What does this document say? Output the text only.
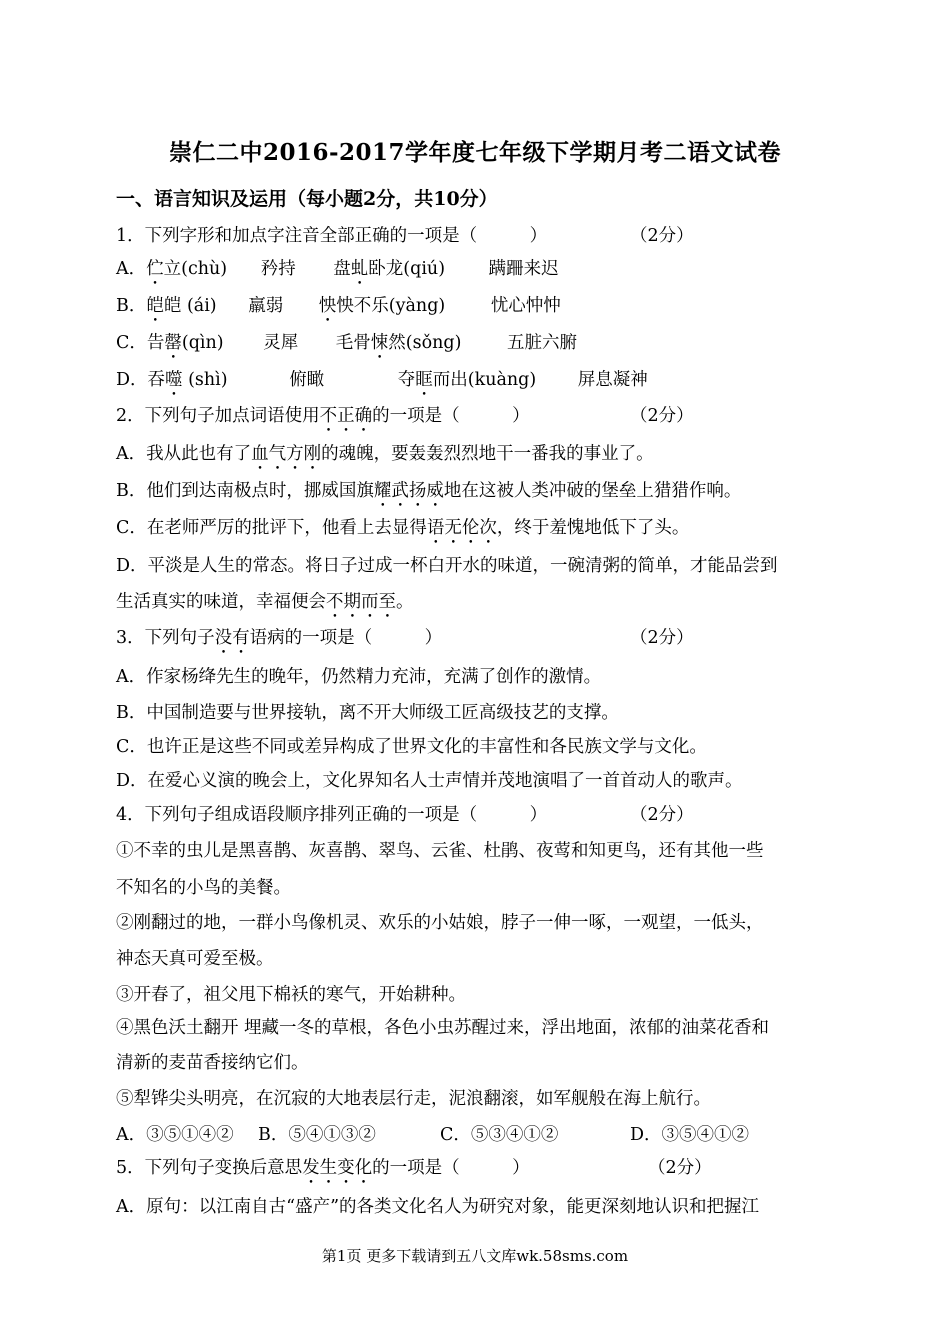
崇仁二中2016-2017学年度七年级下学期月考二语文试卷
一、语言知识及运用（每小题2分，共10分）
1．下列字形和加点字注音全部正确的一项是（　　　）	（2分）
A．伫立(chù) 矜持 盘虬卧龙(qiú) 蹒跚来迟
B．皑皑 (ái) 羸弱 怏怏不乐(yàng)	忧心忡忡
C．告罄(qìn) 灵犀 毛骨悚然(sǒng)	五脏六腑
D．吞噬 (shì)	俯瞰	夺眶而出(kuàng) 屏息凝神
2．下列句子加点词语使用不正确的一项是（　　　）	（2分）
A．我从此也有了血气方刚的魂魄，要轰轰烈烈地干一番我的事业了。
B．他们到达南极点时，挪威国旗耀武扬威地在这被人类冲破的堡垒上猎猎作响。
C．在老师严厉的批评下，他看上去显得语无伦次，终于羞愧地低下了头。
D．平淡是人生的常态。将日子过成一杯白开水的味道，一碗清粥的简单，才能品尝到
生活真实的味道，幸福便会不期而至。
3．下列句子没有语病的一项是（　　　）	（2分）
A．作家杨绛先生的晚年，仍然精力充沛，充满了创作的激情。
B．中国制造要与世界接轨，离不开大师级工匠高级技艺的支撑。
C．也许正是这些不同或差异构成了世界文化的丰富性和各民族文学与文化。
D．在爱心义演的晚会上，文化界知名人士声情并茂地演唱了一首首动人的歌声。
4．下列句子组成语段顺序排列正确的一项是（　　　）	（2分）
①不幸的虫儿是黑喜鹊、灰喜鹊、翠鸟、云雀、杜鹃、夜莺和知更鸟，还有其他一些
不知名的小鸟的美餐。
②刚翻过的地，一群小鸟像机灵、欢乐的小姑娘，脖子一伸一啄，一观望，一低头，
神态天真可爱至极。
③开春了，祖父甩下棉袄的寒气，开始耕种。
④黑色沃土翻开 埋藏一冬的草根，各色小虫苏醒过来，浮出地面，浓郁的油菜花香和
清新的麦苗香接纳它们。
⑤犁铧尖头明亮，在沉寂的大地表层行走，泥浪翻滚，如军舰般在海上航行。
A．③⑤①④② B．⑤④①③②	C．⑤③④①②	D．③⑤④①②
5．下列句子变换后意思发生变化的一项是（　　　）	（2分）
A．原句：以江南自古“盛产”的各类文化名人为研究对象，能更深刻地认识和把握江
第1页 更多下载请到五八文库wk.58sms.com
